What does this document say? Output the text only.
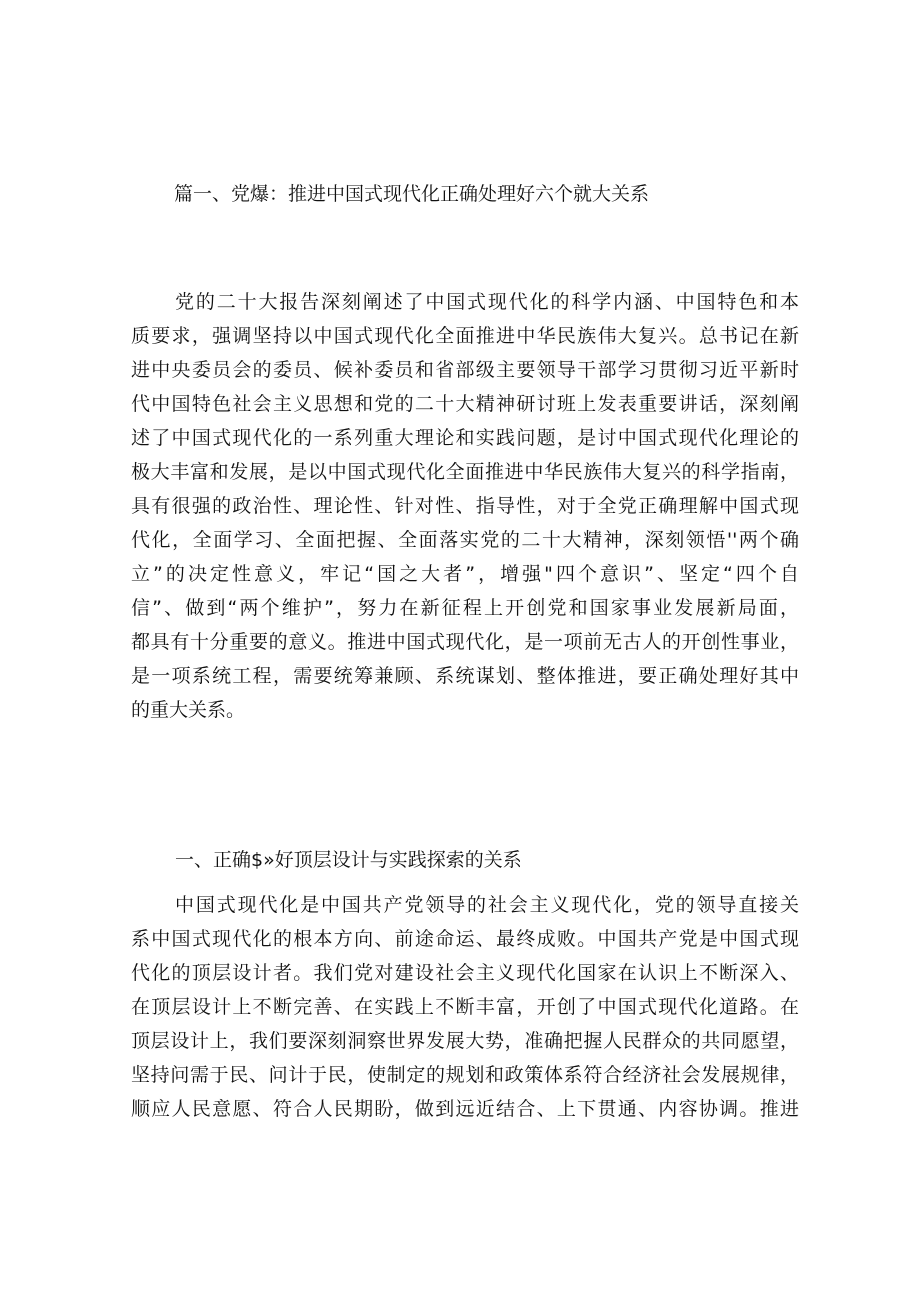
篇一、党爆：推进中国式现代化正确处理好六个就大关系
党的二十大报告深刻阐述了中国式现代化的科学内涵、中国特色和本
质要求，强调坚持以中国式现代化全面推进中华民族伟大复兴。总书记在新
进中央委员会的委员、候补委员和省部级主要领导干部学习贯彻习近平新时
代中国特色社会主义思想和党的二十大精神研讨班上发表重要讲话，深刻阐
述了中国式现代化的一系列重大理论和实践问题，是讨中国式现代化理论的
极大丰富和发展，是以中国式现代化全面推进中华民族伟大复兴的科学指南，
具有很强的政治性、理论性、针对性、指导性，对于全党正确理解中国式现
代化，全面学习、全面把握、全面落实党的二十大精神，深刻领悟''两个确
立”的决定性意义，牢记“国之大者”，增强"四个意识”、坚定“四个自
信”、做到“两个维护”，努力在新征程上开创党和国家事业发展新局面，
都具有十分重要的意义。推进中国式现代化，是一项前无古人的开创性事业，
是一项系统工程，需要统筹兼顾、系统谋划、整体推进，要正确处理好其中
的重大关系。
一、正确$»好顶层设计与实践探索的关系
中国式现代化是中国共产党领导的社会主义现代化，党的领导直接关
系中国式现代化的根本方向、前途命运、最终成败。中国共产党是中国式现
代化的顶层设计者。我们党对建设社会主义现代化国家在认识上不断深入、
在顶层设计上不断完善、在实践上不断丰富，开创了中国式现代化道路。在
顶层设计上，我们要深刻洞察世界发展大势，准确把握人民群众的共同愿望，
坚持问需于民、问计于民，使制定的规划和政策体系符合经济社会发展规律，
顺应人民意愿、符合人民期盼，做到远近结合、上下贯通、内容协调。推进
